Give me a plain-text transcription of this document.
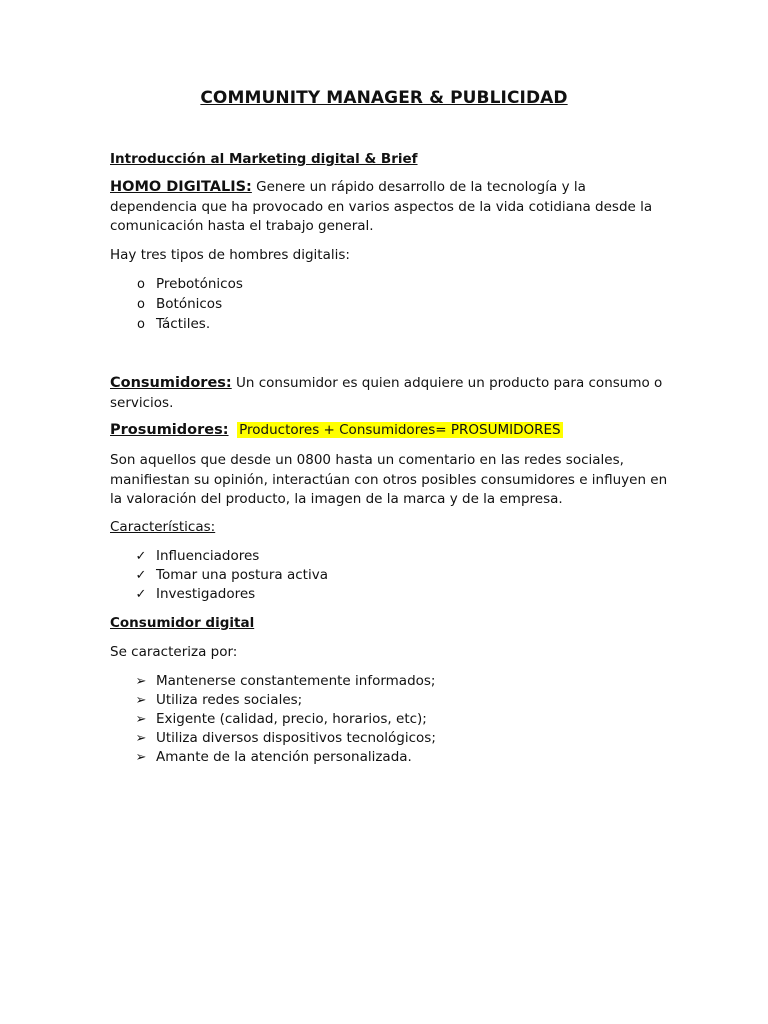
COMMUNITY MANAGER & PUBLICIDAD
Introducción al Marketing digital & Brief
HOMO DIGITALIS: Genere un rápido desarrollo de la tecnología y la dependencia que ha provocado en varios aspectos de la vida cotidiana desde la comunicación hasta el trabajo general.
Hay tres tipos de hombres digitalis:
o Prebotónicos
o Botónicos
o Táctiles.
Consumidores: Un consumidor es quien adquiere un producto para consumo o servicios.
Prosumidores: Productores + Consumidores= PROSUMIDORES
Son aquellos que desde un 0800 hasta un comentario en las redes sociales, manifiestan su opinión, interactúan con otros posibles consumidores e influyen en la valoración del producto, la imagen de la marca y de la empresa.
Características:
✓ Influenciadores
✓ Tomar una postura activa
✓ Investigadores
Consumidor digital
Se caracteriza por:
➢ Mantenerse constantemente informados;
➢ Utiliza redes sociales;
➢ Exigente (calidad, precio, horarios, etc);
➢ Utiliza diversos dispositivos tecnológicos;
➢ Amante de la atención personalizada.
